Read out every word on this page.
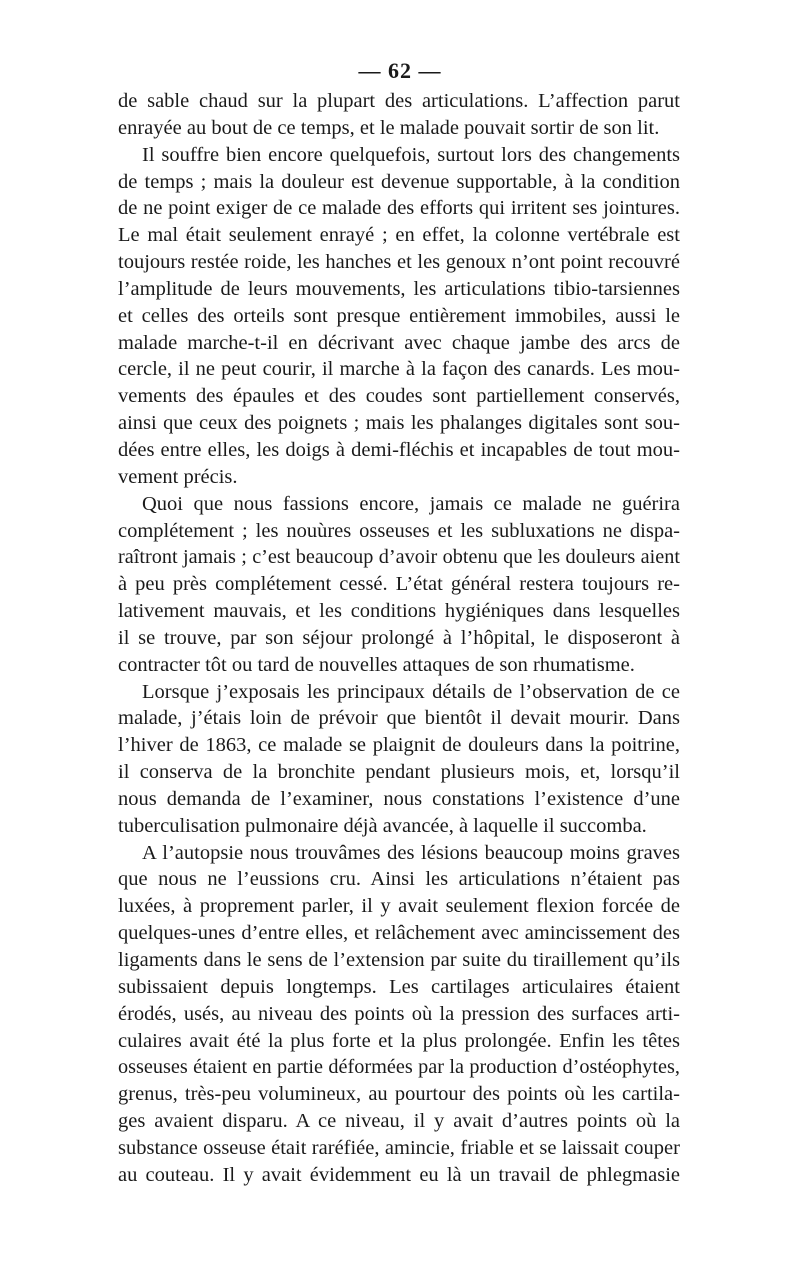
— 62 —
de sable chaud sur la plupart des articulations. L’affection parut
enrayée au bout de ce temps, et le malade pouvait sortir de son lit.
Il souffre bien encore quelquefois, surtout lors des changements
de temps ; mais la douleur est devenue supportable, à la condition
de ne point exiger de ce malade des efforts qui irritent ses jointures.
Le mal était seulement enrayé ; en effet, la colonne vertébrale est
toujours restée roide, les hanches et les genoux n’ont point recouvré
l’amplitude de leurs mouvements, les articulations tibio-tarsiennes
et celles des orteils sont presque entièrement immobiles, aussi le
malade marche-t-il en décrivant avec chaque jambe des arcs de
cercle, il ne peut courir, il marche à la façon des canards. Les mou-
vements des épaules et des coudes sont partiellement conservés,
ainsi que ceux des poignets ; mais les phalanges digitales sont sou-
dées entre elles, les doigs à demi-fléchis et incapables de tout mou-
vement précis.
Quoi que nous fassions encore, jamais ce malade ne guérira
complétement ; les nouùres osseuses et les subluxations ne dispa-
raîtront jamais ; c’est beaucoup d’avoir obtenu que les douleurs aient
à peu près complétement cessé. L’état général restera toujours re-
lativement mauvais, et les conditions hygiéniques dans lesquelles
il se trouve, par son séjour prolongé à l’hôpital, le disposeront à
contracter tôt ou tard de nouvelles attaques de son rhumatisme.
Lorsque j’exposais les principaux détails de l’observation de ce
malade, j’étais loin de prévoir que bientôt il devait mourir. Dans
l’hiver de 1863, ce malade se plaignit de douleurs dans la poitrine,
il conserva de la bronchite pendant plusieurs mois, et, lorsqu’il
nous demanda de l’examiner, nous constations l’existence d’une
tuberculisation pulmonaire déjà avancée, à laquelle il succomba.
A l’autopsie nous trouvâmes des lésions beaucoup moins graves
que nous ne l’eussions cru. Ainsi les articulations n’étaient pas
luxées, à proprement parler, il y avait seulement flexion forcée de
quelques-unes d’entre elles, et relâchement avec amincissement des
ligaments dans le sens de l’extension par suite du tiraillement qu’ils
subissaient depuis longtemps. Les cartilages articulaires étaient
érodés, usés, au niveau des points où la pression des surfaces arti-
culaires avait été la plus forte et la plus prolongée. Enfin les têtes
osseuses étaient en partie déformées par la production d’ostéophytes,
grenus, très-peu volumineux, au pourtour des points où les cartila-
ges avaient disparu. A ce niveau, il y avait d’autres points où la
substance osseuse était raréfiée, amincie, friable et se laissait couper
au couteau. Il y avait évidemment eu là un travail de phlegmasie
